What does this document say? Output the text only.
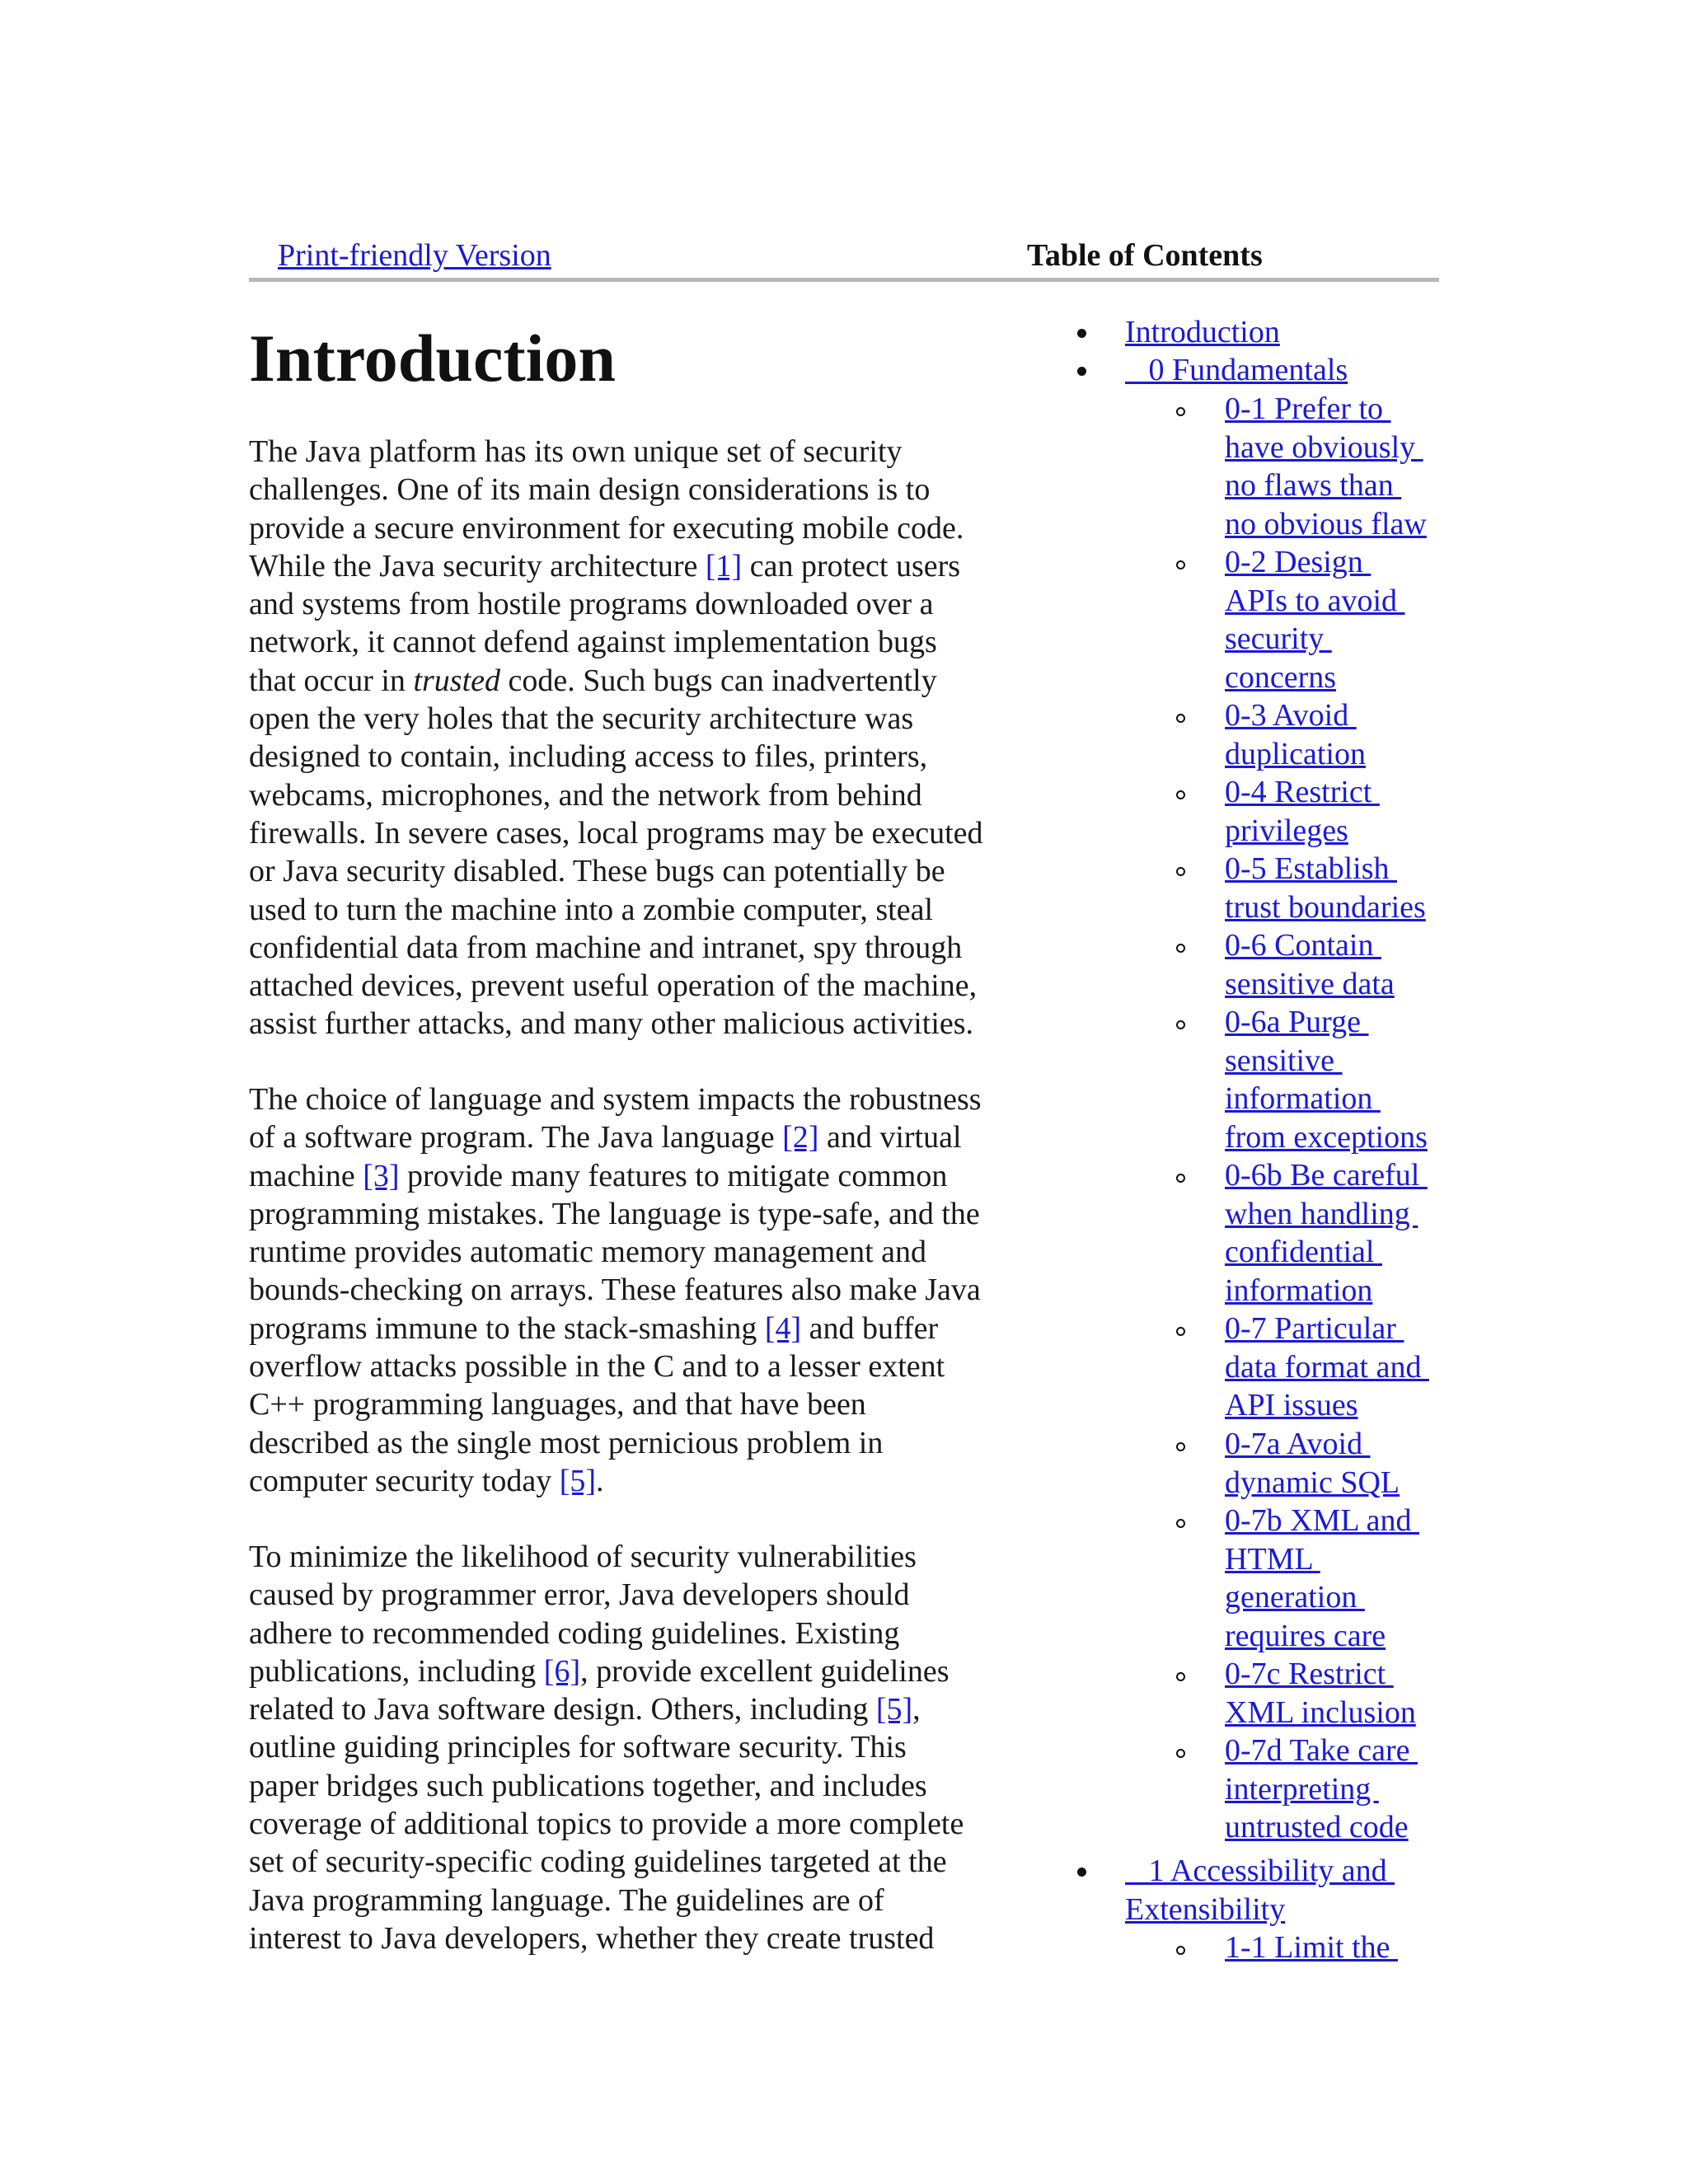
Print-friendly Version	Table of Contents
Introduction

The Java platform has its own unique set of security
challenges. One of its main design considerations is to
provide a secure environment for executing mobile code.
While the Java security architecture [1] can protect users
and systems from hostile programs downloaded over a
network, it cannot defend against implementation bugs
that occur in trusted code. Such bugs can inadvertently
open the very holes that the security architecture was
designed to contain, including access to files, printers,
webcams, microphones, and the network from behind
firewalls. In severe cases, local programs may be executed
or Java security disabled. These bugs can potentially be
used to turn the machine into a zombie computer, steal
confidential data from machine and intranet, spy through
attached devices, prevent useful operation of the machine,
assist further attacks, and many other malicious activities.

The choice of language and system impacts the robustness
of a software program. The Java language [2] and virtual
machine [3] provide many features to mitigate common
programming mistakes. The language is type-safe, and the
runtime provides automatic memory management and
bounds-checking on arrays. These features also make Java
programs immune to the stack-smashing [4] and buffer
overflow attacks possible in the C and to a lesser extent
C++ programming languages, and that have been
described as the single most pernicious problem in
computer security today [5].

To minimize the likelihood of security vulnerabilities
caused by programmer error, Java developers should
adhere to recommended coding guidelines. Existing
publications, including [6], provide excellent guidelines
related to Java software design. Others, including [5],
outline guiding principles for software security. This
paper bridges such publications together, and includes
coverage of additional topics to provide a more complete
set of security-specific coding guidelines targeted at the
Java programming language. The guidelines are of
interest to Java developers, whether they create trusted

Introduction
0 Fundamentals
0-1 Prefer to
have obviously
no flaws than
no obvious flaw
0-2 Design
APIs to avoid
security
concerns
0-3 Avoid
duplication
0-4 Restrict
privileges
0-5 Establish
trust boundaries
0-6 Contain
sensitive data
0-6a Purge
sensitive
information
from exceptions
0-6b Be careful
when handling
confidential
information
0-7 Particular
data format and
API issues
0-7a Avoid
dynamic SQL
0-7b XML and
HTML
generation
requires care
0-7c Restrict
XML inclusion
0-7d Take care
interpreting
untrusted code
1 Accessibility and
Extensibility
1-1 Limit the
